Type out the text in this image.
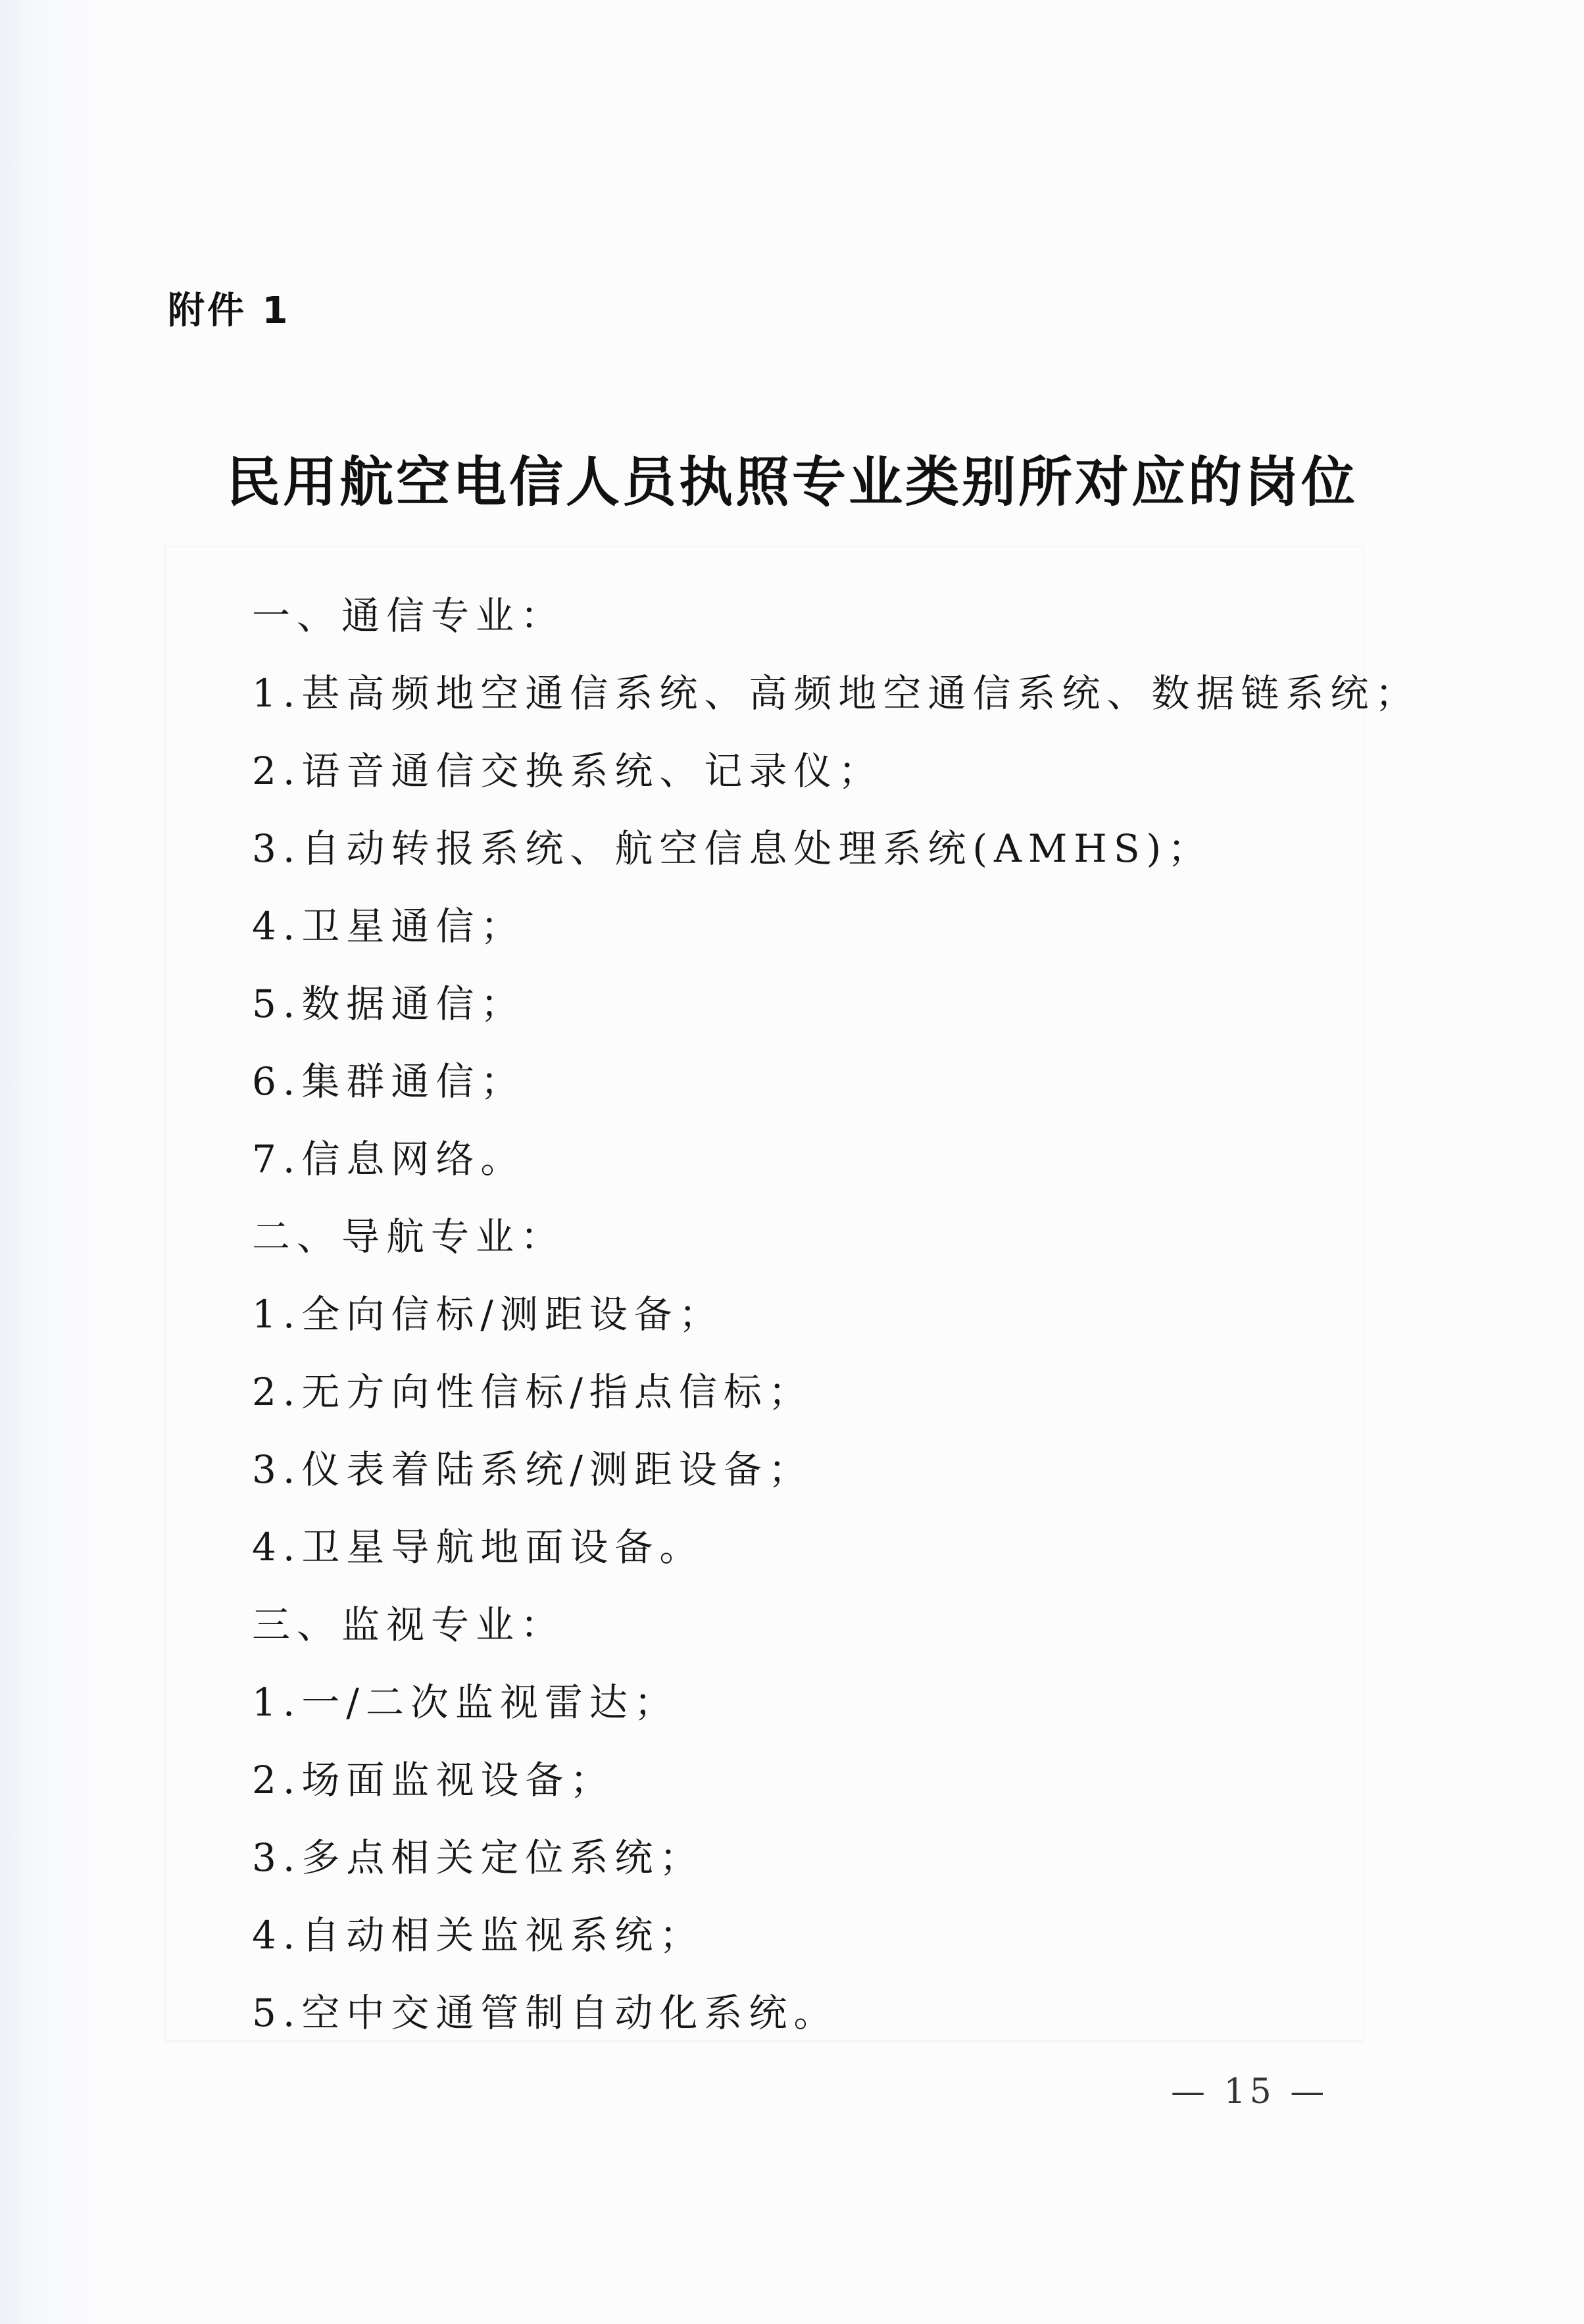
附件 1
民用航空电信人员执照专业类别所对应的岗位
一、通信专业：
1.甚高频地空通信系统、高频地空通信系统、数据链系统；
2.语音通信交换系统、记录仪；
3.自动转报系统、航空信息处理系统(AMHS)；
4.卫星通信；
5.数据通信；
6.集群通信；
7.信息网络。
二、导航专业：
1.全向信标/测距设备；
2.无方向性信标/指点信标；
3.仪表着陆系统/测距设备；
4.卫星导航地面设备。
三、监视专业：
1.一/二次监视雷达；
2.场面监视设备；
3.多点相关定位系统；
4.自动相关监视系统；
5.空中交通管制自动化系统。
— 15 —
